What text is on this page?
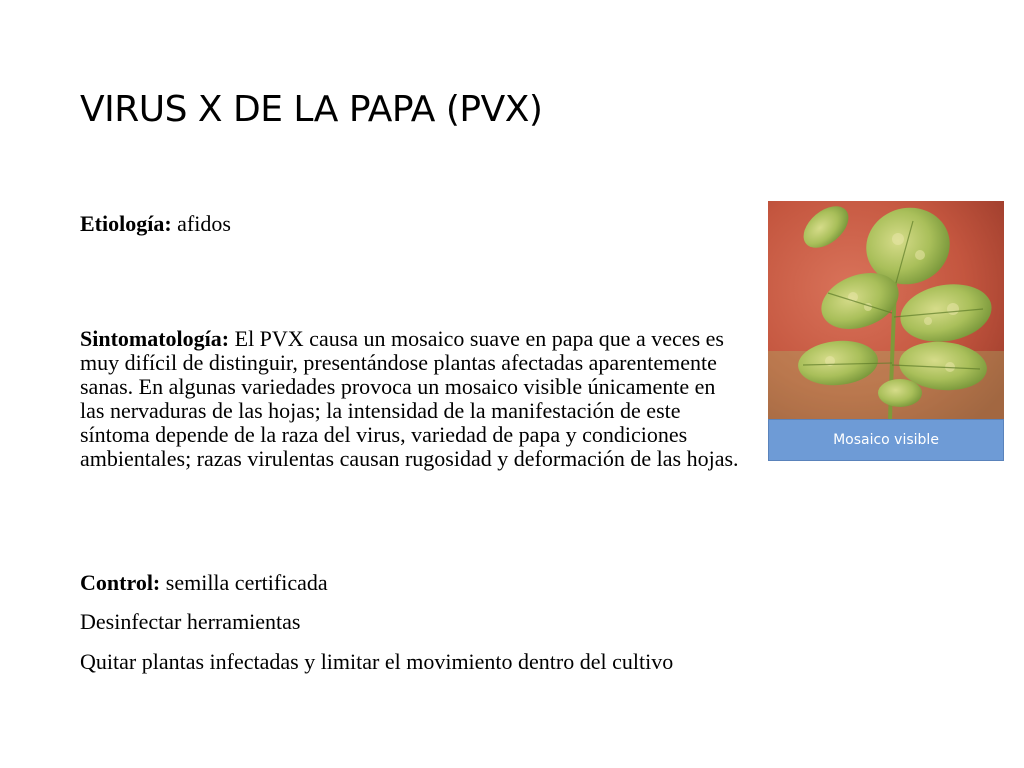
VIRUS X DE LA PAPA (PVX)

Etiología: afidos

Sintomatología: El PVX causa un mosaico suave en papa que a veces es muy difícil de distinguir, presentándose plantas afectadas aparentemente sanas. En algunas variedades provoca un mosaico visible únicamente en las nervaduras de las hojas; la intensidad de la manifestación de este síntoma depende de la raza del virus, variedad de papa y condiciones ambientales; razas virulentas causan rugosidad y deformación de las hojas.

Control: semilla certificada

Desinfectar herramientas

Quitar plantas infectadas y limitar el movimiento dentro del cultivo

Mosaico visible
